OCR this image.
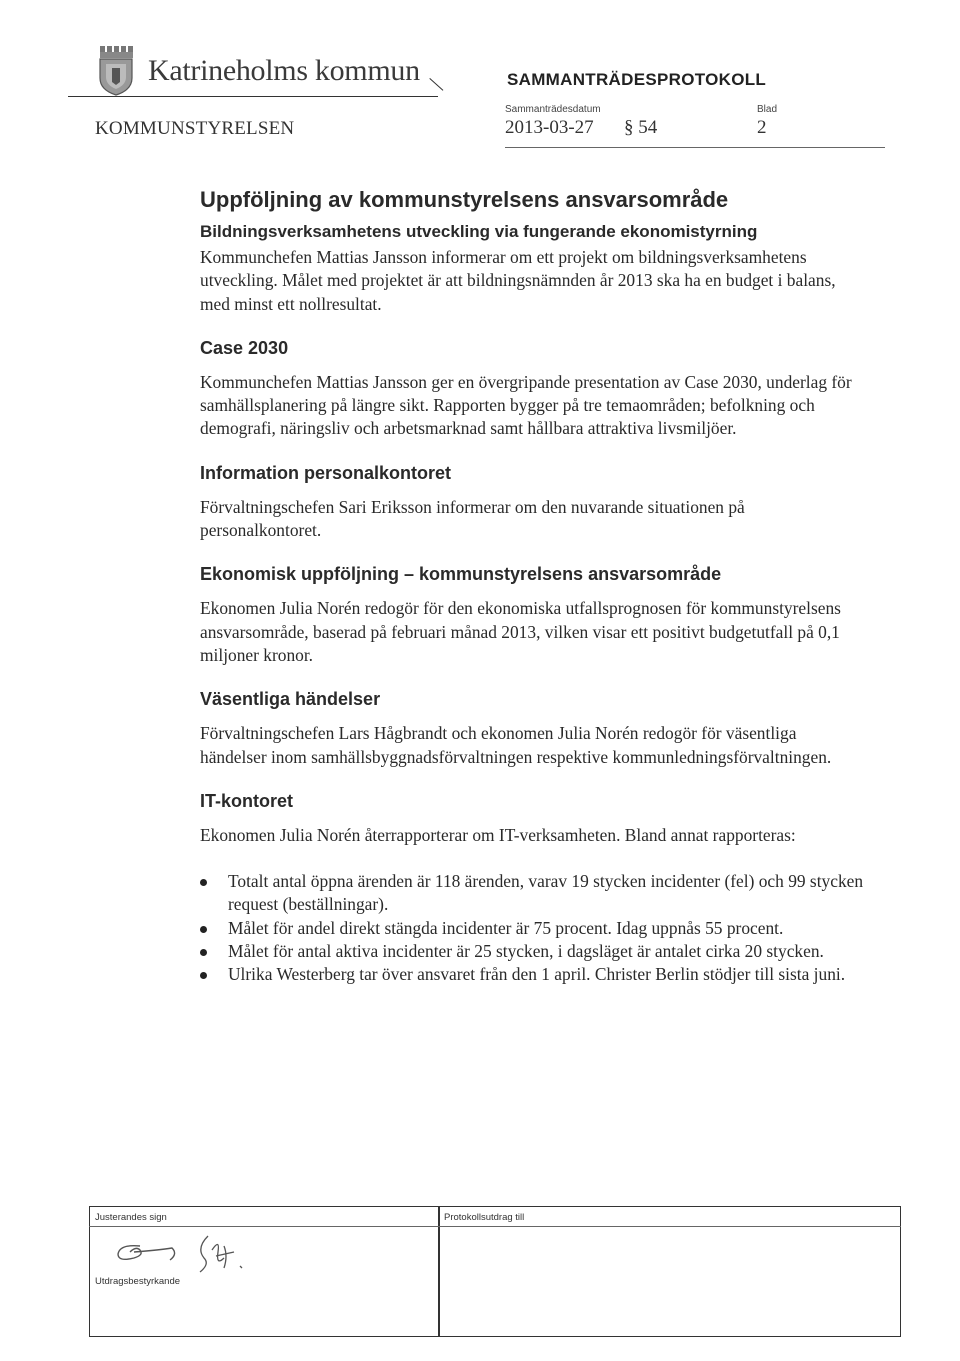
Katrineholms kommun	SAMMANTRÄDESPROTOKOLL
KOMMUNSTYRELSEN
Sammanträdesdatum
2013-03-27 § 54
Blad
2
Uppföljning av kommunstyrelsens ansvarsområde
Bildningsverksamhetens utveckling via fungerande ekonomistyrning

Kommunchefen Mattias Jansson informerar om ett projekt om bildningsverksamhetens utveckling. Målet med projektet är att bildningsnämnden år 2013 ska ha en budget i balans, med minst ett nollresultat.

Case 2030

Kommunchefen Mattias Jansson ger en övergripande presentation av Case 2030, underlag för samhällsplanering på längre sikt. Rapporten bygger på tre temaområden; befolkning och demografi, näringsliv och arbetsmarknad samt hållbara attraktiva livsmiljöer.

Information personalkontoret

Förvaltningschefen Sari Eriksson informerar om den nuvarande situationen på personalkontoret.

Ekonomisk uppföljning – kommunstyrelsens ansvarsområde

Ekonomen Julia Norén redogör för den ekonomiska utfallsprognosen för kommunstyrelsens ansvarsområde, baserad på februari månad 2013, vilken visar ett positivt budgetutfall på 0,1 miljoner kronor.

Väsentliga händelser

Förvaltningschefen Lars Hågbrandt och ekonomen Julia Norén redogör för väsentliga händelser inom samhällsbyggnadsförvaltningen respektive kommunledningsförvaltningen.

IT-kontoret

Ekonomen Julia Norén återrapporterar om IT-verksamheten. Bland annat rapporteras:

Totalt antal öppna ärenden är 118 ärenden, varav 19 stycken incidenter (fel) och 99 stycken request (beställningar).
Målet för andel direkt stängda incidenter är 75 procent. Idag uppnås 55 procent.
Målet för antal aktiva incidenter är 25 stycken, i dagsläget är antalet cirka 20 stycken.
Ulrika Westerberg tar över ansvaret från den 1 april. Christer Berlin stödjer till sista juni.
Justerandes sign
Utdragsbestyrkande
Protokollsutdrag till
